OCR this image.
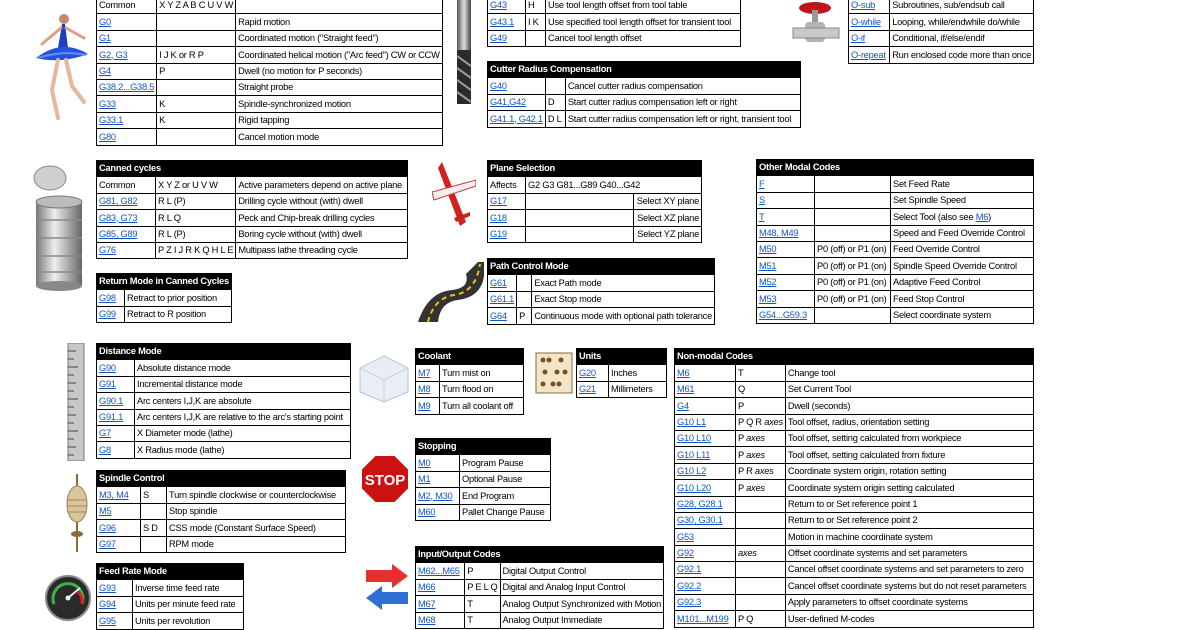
Common	X Y Z A B C U V W	
G0		Rapid motion
G1		Coordinated motion ("Straight feed")
G2, G3	I J K or R P	Coordinated helical motion ("Arc feed") CW or CCW
G4	P	Dwell (no motion for P seconds)
G38.2...G38.5		Straight probe
G33	K	Spindle-synchronized motion
G33.1	K	Rigid tapping
G80		Cancel motion mode
G43	H	Use tool length offset from tool table
G43.1	I K	Use specified tool length offset for transient tool
G49		Cancel tool length offset
Cutter Radius Compensation		
G40		Cancel cutter radius compensation
G41,G42	D	Start cutter radius compensation left or right
G41.1, G42.1	D L	Start cutter radius compensation left or right, transient tool
O-sub	Subroutines, sub/endsub call
O-while	Looping, while/endwhile do/while
O-if	Conditional, if/else/endif
O-repeat	Run enclosed code more than once
Canned cycles		
Common	X Y Z or U V W	Active parameters depend on active plane
G81, G82	R L (P)	Drilling cycle without (with) dwell
G83, G73	R L Q	Peck and Chip-break drilling cycles
G85, G89	R L (P)	Boring cycle without (with) dwell
G76	P Z I J R K Q H L E	Multipass lathe threading cycle
Return Mode in Canned Cycles	
G98	Retract to prior position
G99	Retract to R position
Plane Selection		
Affects	G2 G3 G81...G89 G40...G42	
G17		Select XY plane
G18		Select XZ plane
G19		Select YZ plane
Path Control Mode		
G61		Exact Path mode
G61.1		Exact Stop mode
G64	P	Continuous mode with optional path tolerance
Other Modal Codes		
F		Set Feed Rate
S		Set Spindle Speed
T		Select Tool (also see M6)
M48, M49		Speed and Feed Override Control
M50	P0 (off) or P1 (on)	Feed Override Control
M51	P0 (off) or P1 (on)	Spindle Speed Override Control
M52	P0 (off) or P1 (on)	Adaptive Feed Control
M53	P0 (off) or P1 (on)	Feed Stop Control
G54...G59.3		Select coordinate system
Distance Mode	
G90	Absolute distance mode
G91	Incremental distance mode
G90.1	Arc centers I,J,K are absolute
G91.1	Arc centers I,J,K are relative to the arc's starting point
G7	X Diameter mode (lathe)
G8	X Radius mode (lathe)
Spindle Control		
M3, M4	S	Turn spindle clockwise or counterclockwise
M5		Stop spindle
G96	S D	CSS mode (Constant Surface Speed)
G97		RPM mode
Feed Rate Mode	
G93	Inverse time feed rate
G94	Units per minute feed rate
G95	Units per revolution
Coolant	
M7	Turn mist on
M8	Turn flood on
M9	Turn all coolant off
Units	
G20	Inches
G21	Millimeters
Stopping	
M0	Program Pause
M1	Optional Pause
M2, M30	End Program
M60	Pallet Change Pause
Input/Output Codes		
M62...M65	P	Digital Output Control
M66	P E L Q	Digital and Analog Input Control
M67	T	Analog Output Synchronized with Motion
M68	T	Analog Output Immediate
Non-modal Codes		
M6	T	Change tool
M61	Q	Set Current Tool
G4	P	Dwell (seconds)
G10 L1	P Q R axes	Tool offset, radius, orientation setting
G10 L10	P axes	Tool offset, setting calculated from workpiece
G10 L11	P axes	Tool offset, setting calculated from fixture
G10 L2	P R axes	Coordinate system origin, rotation setting
G10 L20	P axes	Coordinate system origin setting calculated
G28, G28.1		Return to or Set reference point 1
G30, G30.1		Return to or Set reference point 2
G53		Motion in machine coordinate system
G92	axes	Offset coordinate systems and set parameters
G92.1		Cancel offset coordinate systems and set parameters to zero
G92.2		Cancel offset coordinate systems but do not reset parameters
G92.3		Apply parameters to offset coordinate systems
M101...M199	P Q	User-defined M-codes
STOP
